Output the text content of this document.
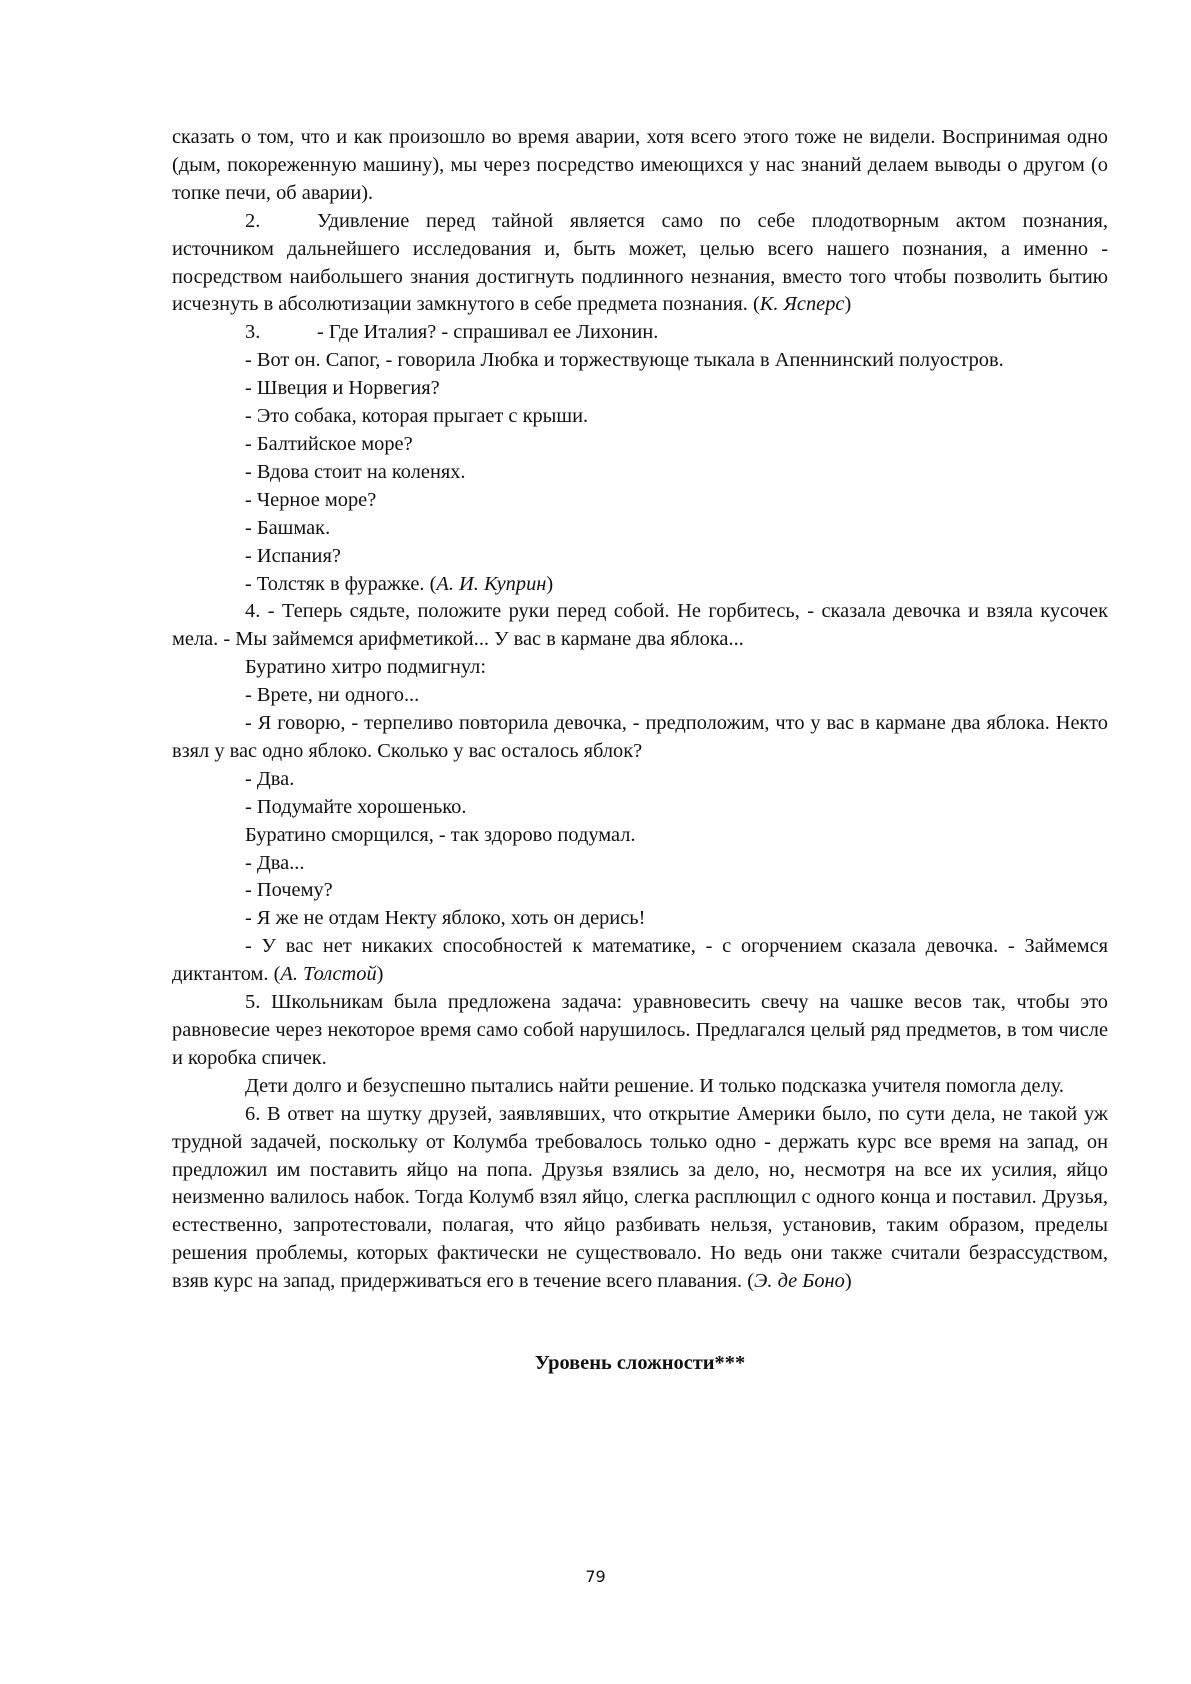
сказать о том, что и как произошло во время аварии, хотя всего этого тоже не видели. Воспринимая одно (дым, покореженную машину), мы через посредство имеющихся у нас знаний делаем выводы о другом (о топке печи, об аварии).

2.	Удивление перед тайной является само по себе плодотворным актом познания, источником дальнейшего исследования и, быть может, целью всего нашего познания, а именно - посредством наибольшего знания достигнуть подлинного незнания, вместо того чтобы позволить бытию исчезнуть в абсолютизации замкнутого в себе предмета познания. (К. Ясперс)

3.	- Где Италия? - спрашивал ее Лихонин.

- Вот он. Сапог, - говорила Любка и торжествующе тыкала в Апеннинский полуостров.

- Швеция и Норвегия?

- Это собака, которая прыгает с крыши.

- Балтийское море?

- Вдова стоит на коленях.

- Черное море?

- Башмак.

- Испания?

- Толстяк в фуражке. (А. И. Куприн)

4. - Теперь сядьте, положите руки перед собой. Не горбитесь, - сказала девочка и взяла кусочек мела. - Мы займемся арифметикой... У вас в кармане два яблока...

Буратино хитро подмигнул:

- Врете, ни одного...

- Я говорю, - терпеливо повторила девочка, - предположим, что у вас в кармане два яблока. Некто взял у вас одно яблоко. Сколько у вас осталось яблок?

- Два.

- Подумайте хорошенько.

Буратино сморщился, - так здорово подумал.

- Два...

- Почему?

- Я же не отдам Некту яблоко, хоть он дерись!

- У вас нет никаких способностей к математике, - с огорчением сказала девочка. - Займемся диктантом. (А. Толстой)

5. Школьникам была предложена задача: уравновесить свечу на чашке весов так, чтобы это равновесие через некоторое время само собой нарушилось. Предлагался целый ряд предметов, в том числе и коробка спичек.

Дети долго и безуспешно пытались найти решение. И только подсказка учителя помогла делу.

6. В ответ на шутку друзей, заявлявших, что открытие Америки было, по сути дела, не такой уж трудной задачей, поскольку от Колумба требовалось только одно - держать курс все время на запад, он предложил им поставить яйцо на попа. Друзья взялись за дело, но, несмотря на все их усилия, яйцо неизменно валилось набок. Тогда Колумб взял яйцо, слегка расплющил с одного конца и поставил. Друзья, естественно, запротестовали, полагая, что яйцо разбивать нельзя, установив, таким образом, пределы решения проблемы, которых фактически не существовало. Но ведь они также считали безрассудством, взяв курс на запад, придерживаться его в течение всего плавания. (Э. де Боно)

Уровень сложности***
79
